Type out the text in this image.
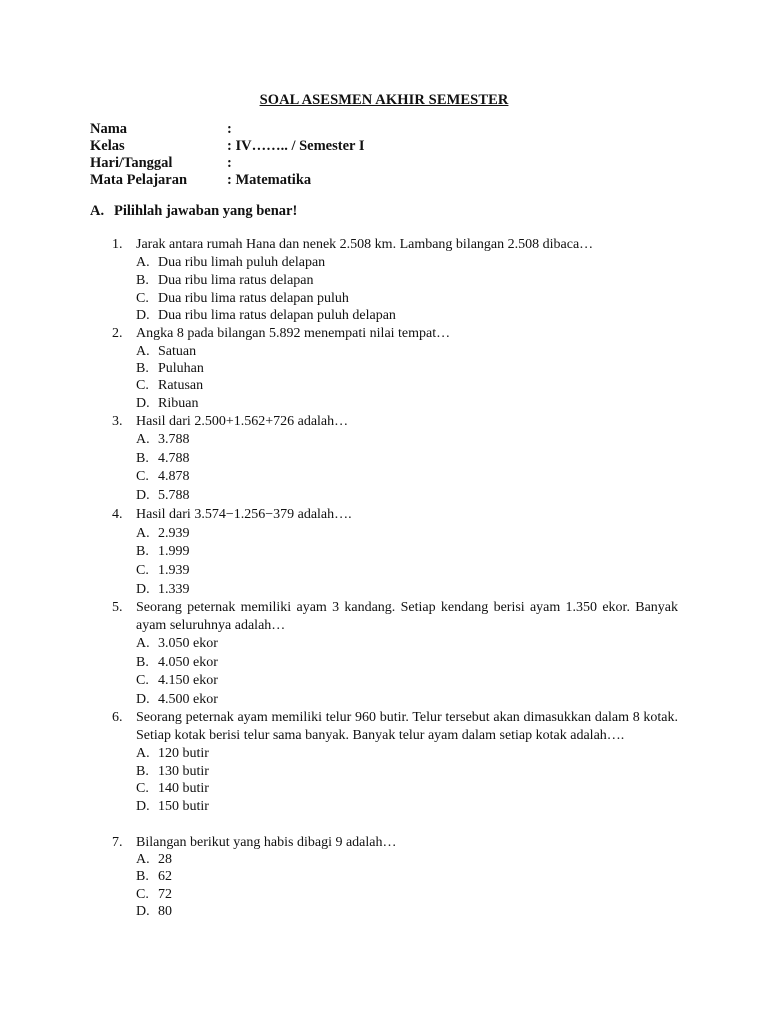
SOAL ASESMEN AKHIR SEMESTER
Nama	:
Kelas	: IV…….. / Semester I
Hari/Tanggal	:
Mata Pelajaran	: Matematika
A. Pilihlah jawaban yang benar!
1. Jarak antara rumah Hana dan nenek 2.508 km. Lambang bilangan 2.508 dibaca…
A. Dua ribu limah puluh delapan
B. Dua ribu lima ratus delapan
C. Dua ribu lima ratus delapan puluh
D. Dua ribu lima ratus delapan puluh delapan
2. Angka 8 pada bilangan 5.892 menempati nilai tempat…
A. Satuan
B. Puluhan
C. Ratusan
D. Ribuan
3. Hasil dari 2.500+1.562+726 adalah…
A. 3.788
B. 4.788
C. 4.878
D. 5.788
4. Hasil dari 3.574−1.256−379 adalah….
A. 2.939
B. 1.999
C. 1.939
D. 1.339
5. Seorang peternak memiliki ayam 3 kandang. Setiap kendang berisi ayam 1.350 ekor. Banyak ayam seluruhnya adalah…
A. 3.050 ekor
B. 4.050 ekor
C. 4.150 ekor
D. 4.500 ekor
6. Seorang peternak ayam memiliki telur 960 butir. Telur tersebut akan dimasukkan dalam 8 kotak. Setiap kotak berisi telur sama banyak. Banyak telur ayam dalam setiap kotak adalah….
A. 120 butir
B. 130 butir
C. 140 butir
D. 150 butir
7. Bilangan berikut yang habis dibagi 9 adalah…
A. 28
B. 62
C. 72
D. 80
